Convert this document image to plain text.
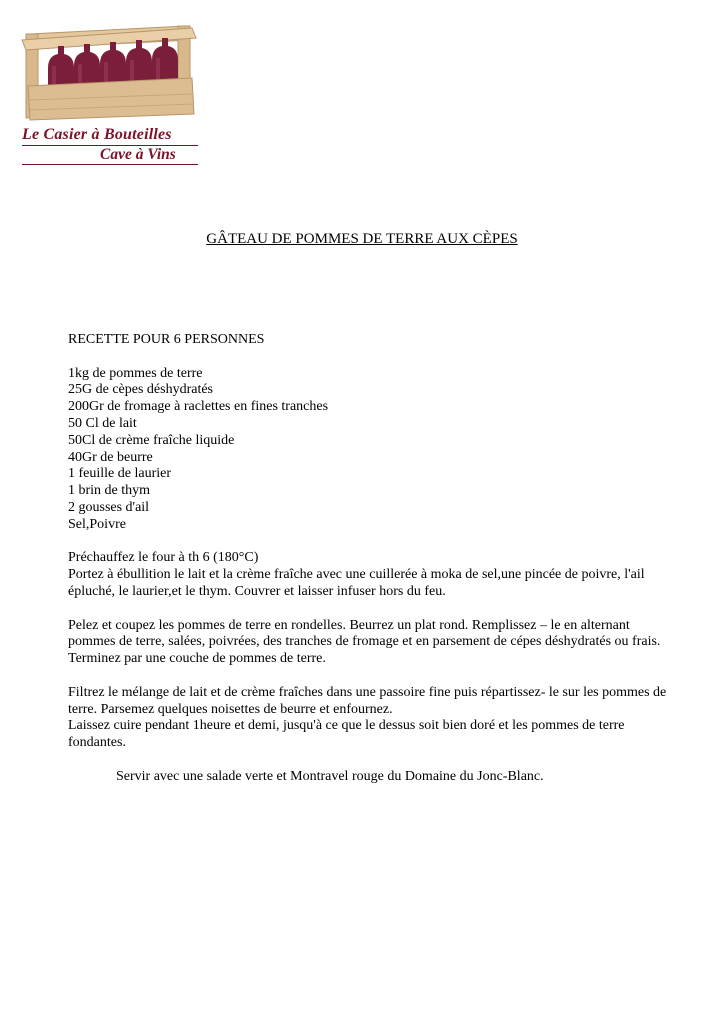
Le Casier à Bouteilles
Cave à Vins
GÂTEAU DE POMMES DE TERRE AUX CÈPES

RECETTE POUR 6 PERSONNES

1kg de pommes de terre

25G de cèpes déshydratés

200Gr de fromage à raclettes en fines tranches

50 Cl de lait

50Cl de crème fraîche liquide

40Gr de beurre

1 feuille de laurier

1 brin de thym

2 gousses d'ail

Sel,Poivre

Préchauffez le four à th 6 (180°C)

Portez à ébullition le lait et la crème fraîche avec une cuillerée à moka de sel,une pincée de poivre, l'ail épluché, le laurier,et le thym. Couvrer et laisser infuser hors du feu.

Pelez et coupez les pommes de terre en rondelles. Beurrez un plat rond. Remplissez – le en alternant pommes de terre, salées, poivrées, des tranches de fromage et en parsement de cépes déshydratés ou frais. Terminez par une couche de pommes de terre.

Filtrez le mélange de lait et de crème fraîches dans une passoire fine puis répartissez- le sur les pommes de terre. Parsemez quelques noisettes de beurre et enfournez.

Laissez cuire pendant 1heure et demi, jusqu'à ce que le dessus soit bien doré et les pommes de terre fondantes.

Servir avec une salade verte et Montravel rouge du Domaine du Jonc-Blanc.
